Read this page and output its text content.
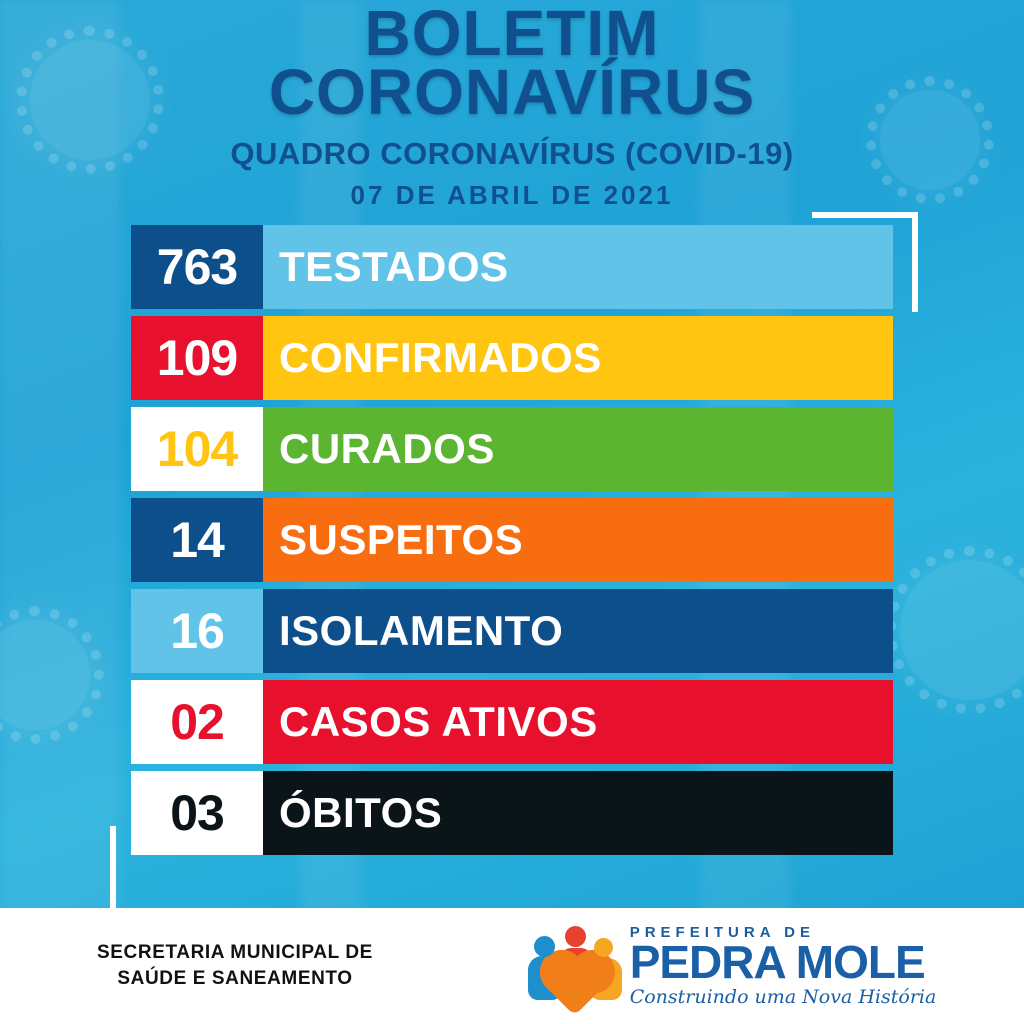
BOLETIM
CORONAVÍRUS
QUADRO CORONAVÍRUS (COVID-19)
07 DE ABRIL DE 2021
763 TESTADOS
109 CONFIRMADOS
104 CURADOS
14	SUSPEITOS
16	ISOLAMENTO
02	CASOS ATIVOS
03	ÓBITOS
SECRETARIA MUNICIPAL DE
SAÚDE E SANEAMENTO
PREFEITURA DE
PEDRA MOLE
Construindo uma Nova História
